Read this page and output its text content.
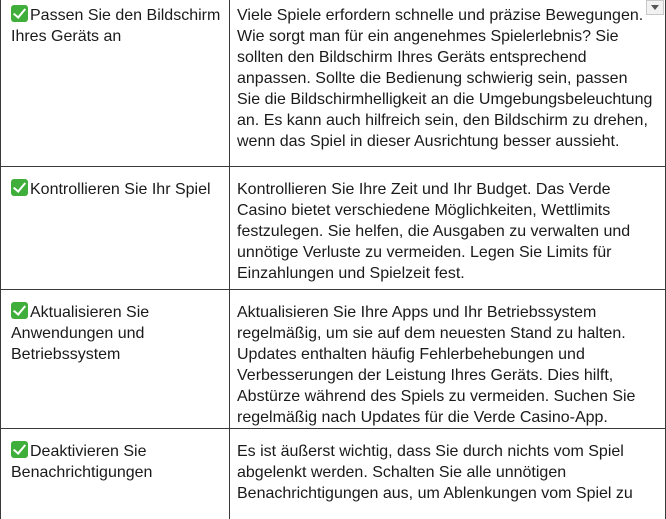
Passen Sie den Bildschirm Ihres Geräts an	Viele Spiele erfordern schnelle und präzise Bewegungen. Wie sorgt man für ein angenehmes Spielerlebnis? Sie sollten den Bildschirm Ihres Geräts entsprechend anpassen. Sollte die Bedienung schwierig sein, passen Sie die Bildschirmhelligkeit an die Umgebungsbeleuchtung an. Es kann auch hilfreich sein, den Bildschirm zu drehen, wenn das Spiel in dieser Ausrichtung besser aussieht.
Kontrollieren Sie Ihr Spiel	Kontrollieren Sie Ihre Zeit und Ihr Budget. Das Verde Casino bietet verschiedene Möglichkeiten, Wettlimits festzulegen. Sie helfen, die Ausgaben zu verwalten und unnötige Verluste zu vermeiden. Legen Sie Limits für Einzahlungen und Spielzeit fest.
Aktualisieren Sie Anwendungen und Betriebssystem	Aktualisieren Sie Ihre Apps und Ihr Betriebssystem regelmäßig, um sie auf dem neuesten Stand zu halten. Updates enthalten häufig Fehlerbehebungen und Verbesserungen der Leistung Ihres Geräts. Dies hilft, Abstürze während des Spiels zu vermeiden. Suchen Sie regelmäßig nach Updates für die Verde Casino-App.
Deaktivieren Sie Benachrichtigungen	Es ist äußerst wichtig, dass Sie durch nichts vom Spiel abgelenkt werden. Schalten Sie alle unnötigen Benachrichtigungen aus, um Ablenkungen vom Spiel zu
